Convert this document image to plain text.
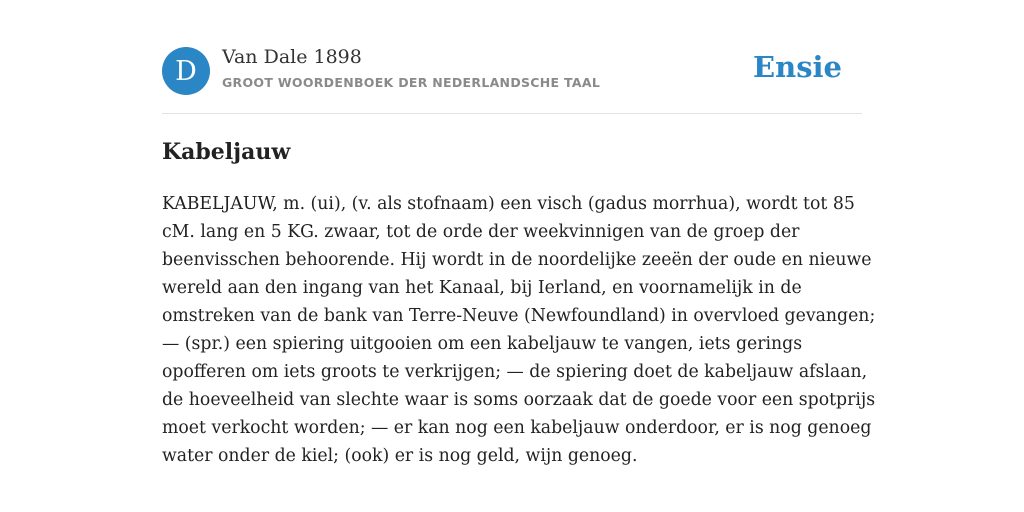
D	Van Dale 1898
GROOT WOORDENBOEK DER NEDERLANDSCHE TAAL	Ensie
Kabeljauw
KABELJAUW, m. (ui), (v. als stofnaam) een visch (gadus morrhua), wordt tot 85
cM. lang en 5 KG. zwaar, tot de orde der weekvinnigen van de groep der
beenvisschen behoorende. Hij wordt in de noordelijke zeeën der oude en nieuwe
wereld aan den ingang van het Kanaal, bij Ierland, en voornamelijk in de
omstreken van de bank van Terre-Neuve (Newfoundland) in overvloed gevangen;
— (spr.) een spiering uitgooien om een kabeljauw te vangen, iets gerings
opofferen om iets groots te verkrijgen; — de spiering doet de kabeljauw afslaan,
de hoeveelheid van slechte waar is soms oorzaak dat de goede voor een spotprijs
moet verkocht worden; — er kan nog een kabeljauw onderdoor, er is nog genoeg
water onder de kiel; (ook) er is nog geld, wijn genoeg.
